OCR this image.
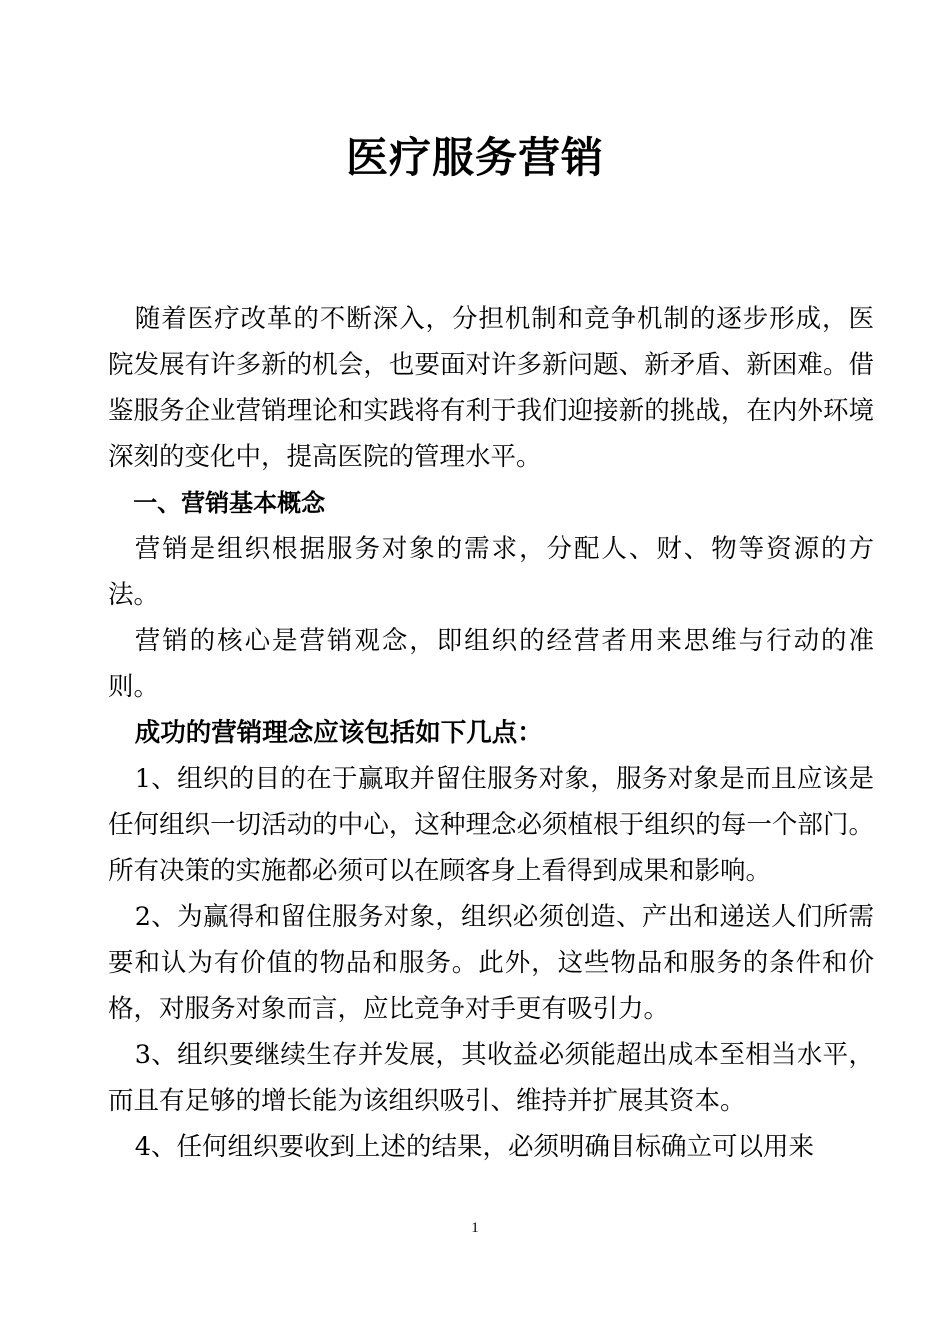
医疗服务营销

随着医疗改革的不断深入，分担机制和竞争机制的逐步形成，医院发展有许多新的机会，也要面对许多新问题、新矛盾、新困难。借鉴服务企业营销理论和实践将有利于我们迎接新的挑战，在内外环境深刻的变化中，提高医院的管理水平。

一、营销基本概念

营销是组织根据服务对象的需求，分配人、财、物等资源的方法。

营销的核心是营销观念，即组织的经营者用来思维与行动的准则。

成功的营销理念应该包括如下几点：

1、组织的目的在于赢取并留住服务对象，服务对象是而且应该是任何组织一切活动的中心，这种理念必须植根于组织的每一个部门。所有决策的实施都必须可以在顾客身上看得到成果和影响。

2、为赢得和留住服务对象，组织必须创造、产出和递送人们所需要和认为有价值的物品和服务。此外，这些物品和服务的条件和价格，对服务对象而言，应比竞争对手更有吸引力。

3、组织要继续生存并发展，其收益必须能超出成本至相当水平，而且有足够的增长能为该组织吸引、维持并扩展其资本。

4、任何组织要收到上述的结果，必须明确目标确立可以用来

1
